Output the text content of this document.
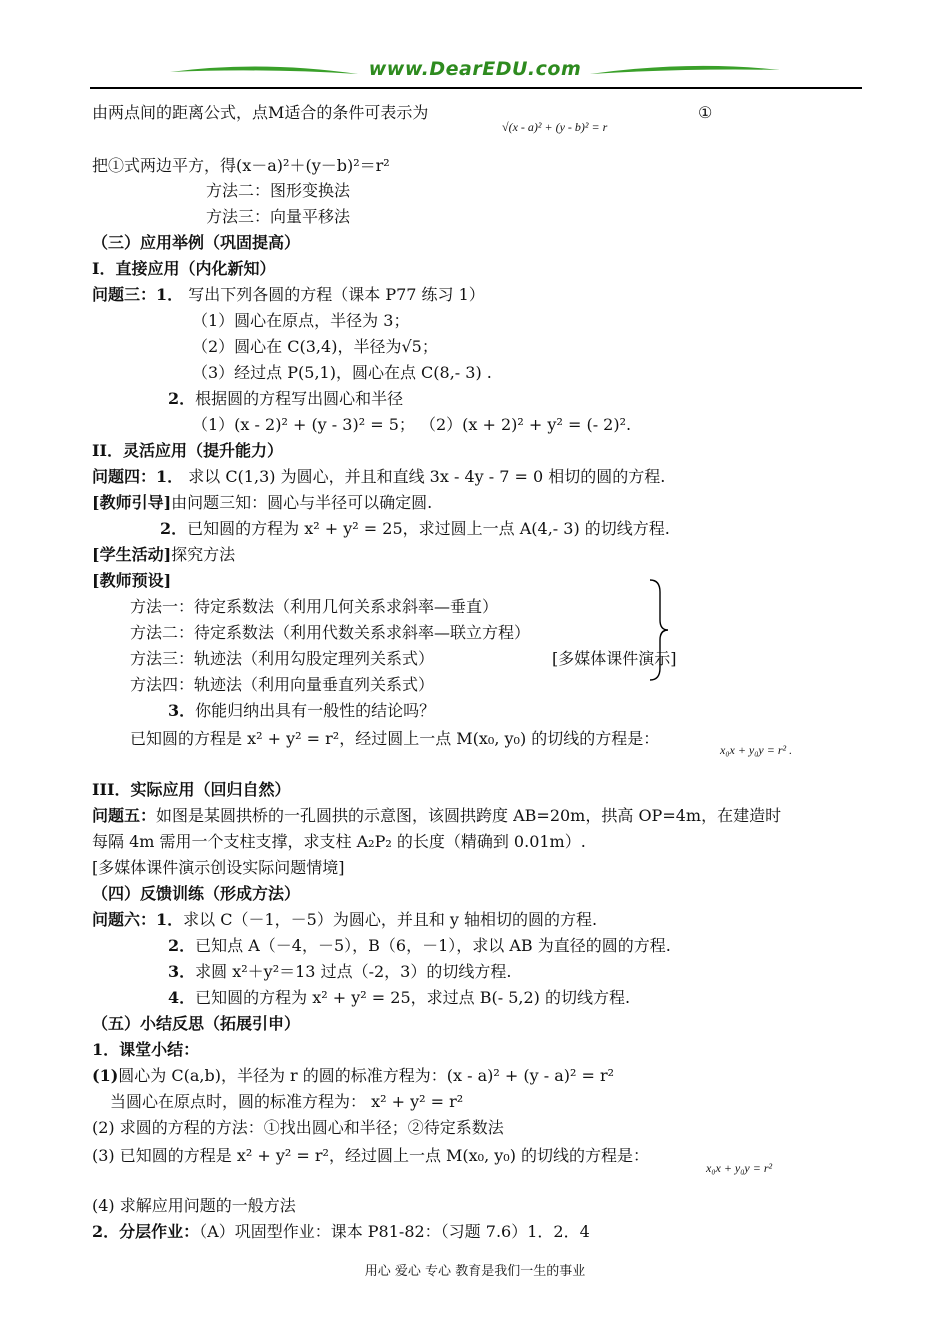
www.DearEDU.com
由两点间的距离公式，点M适合的条件可表示为
√(x - a)² + (y - b)² = r
①
把①式两边平方，得(x－a)²＋(y－b)²＝r²
方法二：图形变换法
方法三：向量平移法
（三）应用举例（巩固提高）
I．直接应用（内化新知）
问题三：1． 写出下列各圆的方程（课本 P77 练习 1）
（1）圆心在原点，半径为 3；
（2）圆心在 C(3,4)，半径为√5；
（3）经过点 P(5,1)，圆心在点 C(8,- 3) .
2．根据圆的方程写出圆心和半径
（1）(x - 2)² + (y - 3)² = 5； （2）(x + 2)² + y² = (- 2)².
II．灵活应用（提升能力）
问题四：1． 求以 C(1,3) 为圆心，并且和直线 3x - 4y - 7 = 0 相切的圆的方程.
[教师引导]由问题三知：圆心与半径可以确定圆.
2．已知圆的方程为 x² + y² = 25，求过圆上一点 A(4,- 3) 的切线方程.
[学生活动]探究方法
[教师预设]
方法一：待定系数法（利用几何关系求斜率—垂直）
方法二：待定系数法（利用代数关系求斜率—联立方程）
方法三：轨迹法（利用勾股定理列关系式）	[多媒体课件演示]
方法四：轨迹法（利用向量垂直列关系式）
3．你能归纳出具有一般性的结论吗？
已知圆的方程是 x² + y² = r²，经过圆上一点 M(x₀, y₀) 的切线的方程是：
x₀x + y₀y = r² .
III．实际应用（回归自然）
问题五：如图是某圆拱桥的一孔圆拱的示意图，该圆拱跨度 AB=20m，拱高 OP=4m，在建造时
每隔 4m 需用一个支柱支撑，求支柱 A₂P₂ 的长度（精确到 0.01m）.
[多媒体课件演示创设实际问题情境]
（四）反馈训练（形成方法）
问题六：1．求以 C（－1，－5）为圆心，并且和 y 轴相切的圆的方程.
2．已知点 A（－4，－5），B（6，－1），求以 AB 为直径的圆的方程.
3．求圆 x²＋y²＝13 过点（-2，3）的切线方程.
4．已知圆的方程为 x² + y² = 25，求过点 B(- 5,2) 的切线方程.
（五）小结反思（拓展引申）
1．课堂小结：
(1)圆心为 C(a,b)，半径为 r 的圆的标准方程为：(x - a)² + (y - a)² = r²
当圆心在原点时，圆的标准方程为： x² + y² = r²
(2) 求圆的方程的方法：①找出圆心和半径；②待定系数法
(3) 已知圆的方程是 x² + y² = r²，经过圆上一点 M(x₀, y₀) 的切线的方程是：
x₀x + y₀y = r²
(4) 求解应用问题的一般方法
2．分层作业：（A）巩固型作业：课本 P81-82：（习题 7.6）1．2．4
用心 爱心 专心 教育是我们一生的事业
